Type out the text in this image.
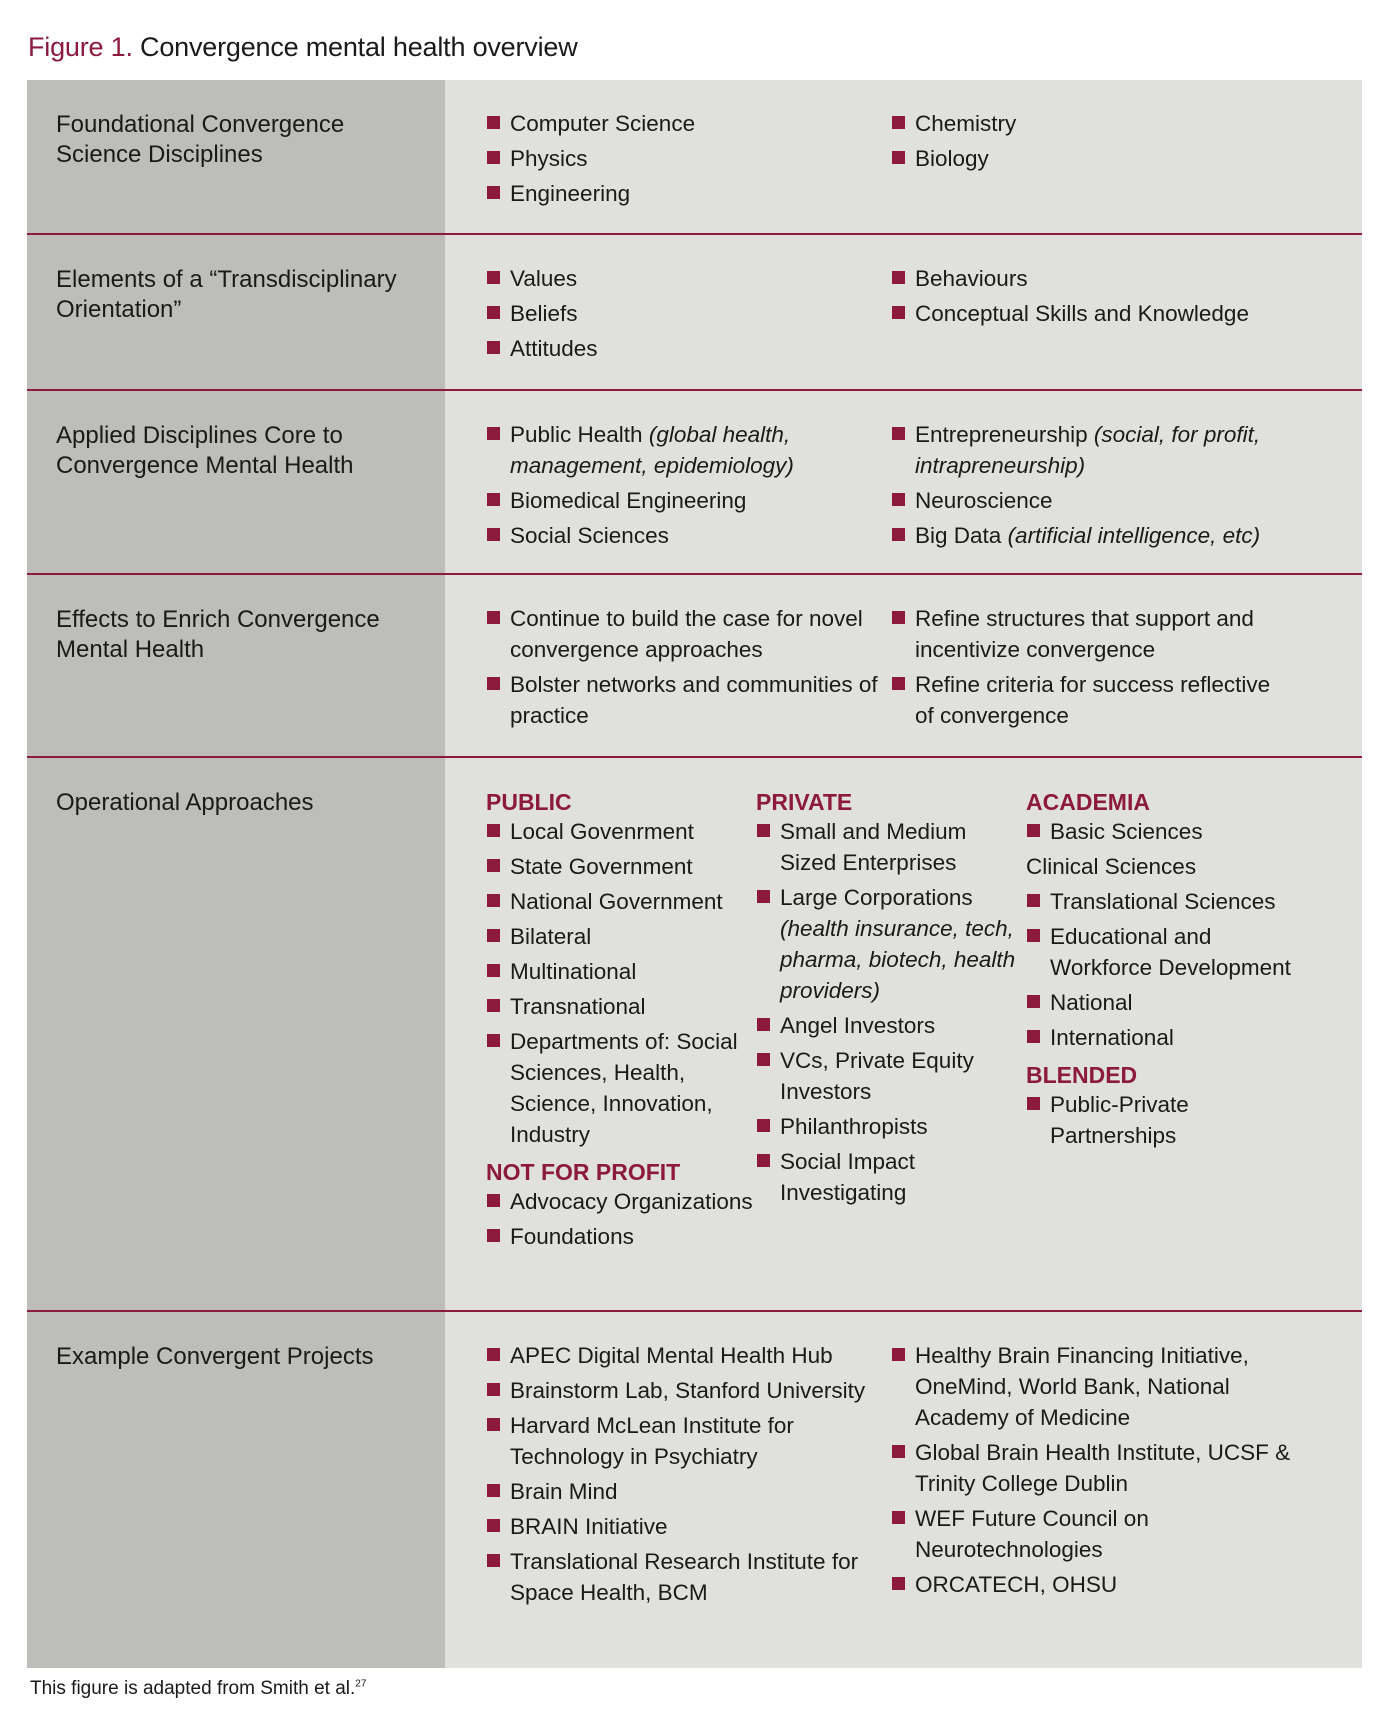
Figure 1. Convergence mental health overview
Foundational Convergence Science Disciplines
Computer Science
Physics
Engineering
Chemistry
Biology
Elements of a “Transdisciplinary Orientation”
Values
Beliefs
Attitudes
Behaviours
Conceptual Skills and Knowledge
Applied Disciplines Core to Convergence Mental Health
Public Health (global health, management, epidemiology)
Biomedical Engineering
Social Sciences
Entrepreneurship (social, for profit, intrapreneurship)
Neuroscience
Big Data (artificial intelligence, etc)
Effects to Enrich Convergence Mental Health
Continue to build the case for novel convergence approaches
Bolster networks and communities of practice
Refine structures that support and incentivize convergence
Refine criteria for success reflective of convergence
Operational Approaches	PUBLIC
Local Govenrment
State Government
National Government
Bilateral
Multinational
Transnational
Departments of: Social Sciences, Health, Science, Innovation, Industry
NOT FOR PROFIT
Advocacy Organizations
Foundations
PRIVATE
Small and Medium Sized Enterprises
Large Corporations (health insurance, tech, pharma, biotech, health providers)
Angel Investors
VCs, Private Equity Investors
Philanthropists
Social Impact Investigating
ACADEMIA
Basic Sciences
Clinical Sciences
Translational Sciences
Educational and Workforce Development
National
International
BLENDED
Public-Private Partnerships
Example Convergent Projects	APEC Digital Mental Health Hub
Brainstorm Lab, Stanford University
Harvard McLean Institute for Technology in Psychiatry
Brain Mind
BRAIN Initiative
Translational Research Institute for Space Health, BCM
Healthy Brain Financing Initiative, OneMind, World Bank, National Academy of Medicine
Global Brain Health Institute, UCSF & Trinity College Dublin
WEF Future Council on Neurotechnologies
ORCATECH, OHSU
This figure is adapted from Smith et al.$^{27}$
